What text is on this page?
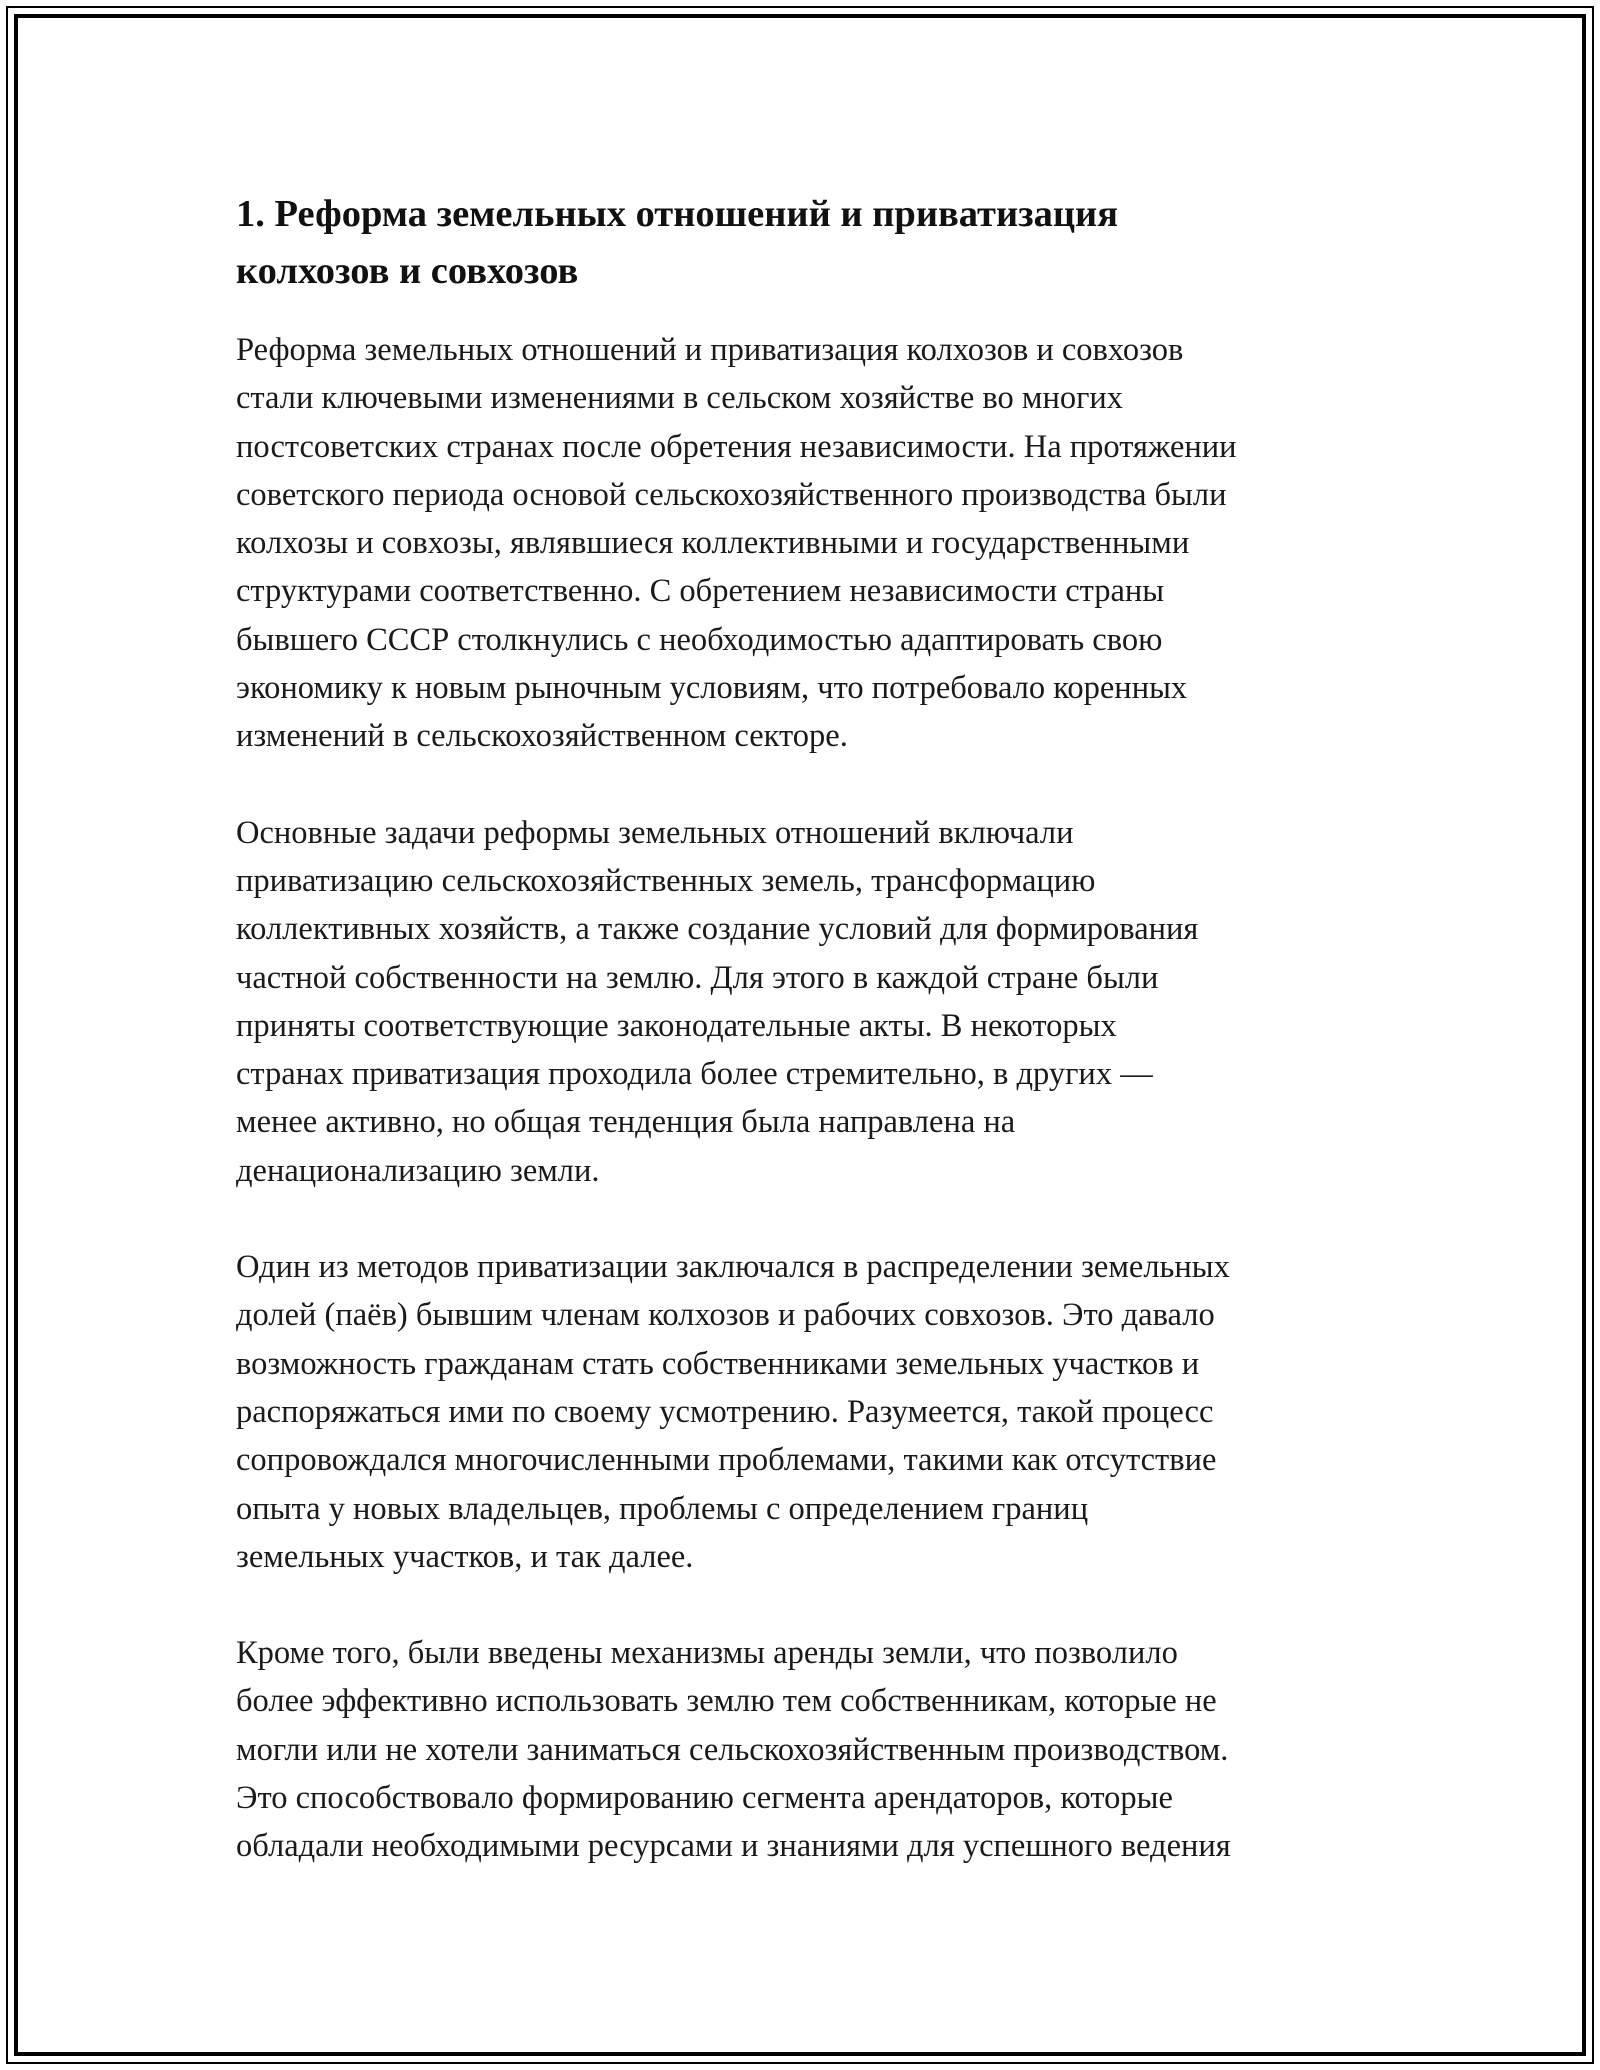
1. Реформа земельных отношений и приватизация
колхозов и совхозов

Реформа земельных отношений и приватизация колхозов и совхозов
стали ключевыми изменениями в сельском хозяйстве во многих
постсоветских странах после обретения независимости. На протяжении
советского периода основой сельскохозяйственного производства были
колхозы и совхозы, являвшиеся коллективными и государственными
структурами соответственно. С обретением независимости страны
бывшего СССР столкнулись с необходимостью адаптировать свою
экономику к новым рыночным условиям, что потребовало коренных
изменений в сельскохозяйственном секторе.

Основные задачи реформы земельных отношений включали
приватизацию сельскохозяйственных земель, трансформацию
коллективных хозяйств, а также создание условий для формирования
частной собственности на землю. Для этого в каждой стране были
приняты соответствующие законодательные акты. В некоторых
странах приватизация проходила более стремительно, в других —
менее активно, но общая тенденция была направлена на
денационализацию земли.

Один из методов приватизации заключался в распределении земельных
долей (паёв) бывшим членам колхозов и рабочих совхозов. Это давало
возможность гражданам стать собственниками земельных участков и
распоряжаться ими по своему усмотрению. Разумеется, такой процесс
сопровождался многочисленными проблемами, такими как отсутствие
опыта у новых владельцев, проблемы с определением границ
земельных участков, и так далее.

Кроме того, были введены механизмы аренды земли, что позволило
более эффективно использовать землю тем собственникам, которые не
могли или не хотели заниматься сельскохозяйственным производством.
Это способствовало формированию сегмента арендаторов, которые
обладали необходимыми ресурсами и знаниями для успешного ведения
